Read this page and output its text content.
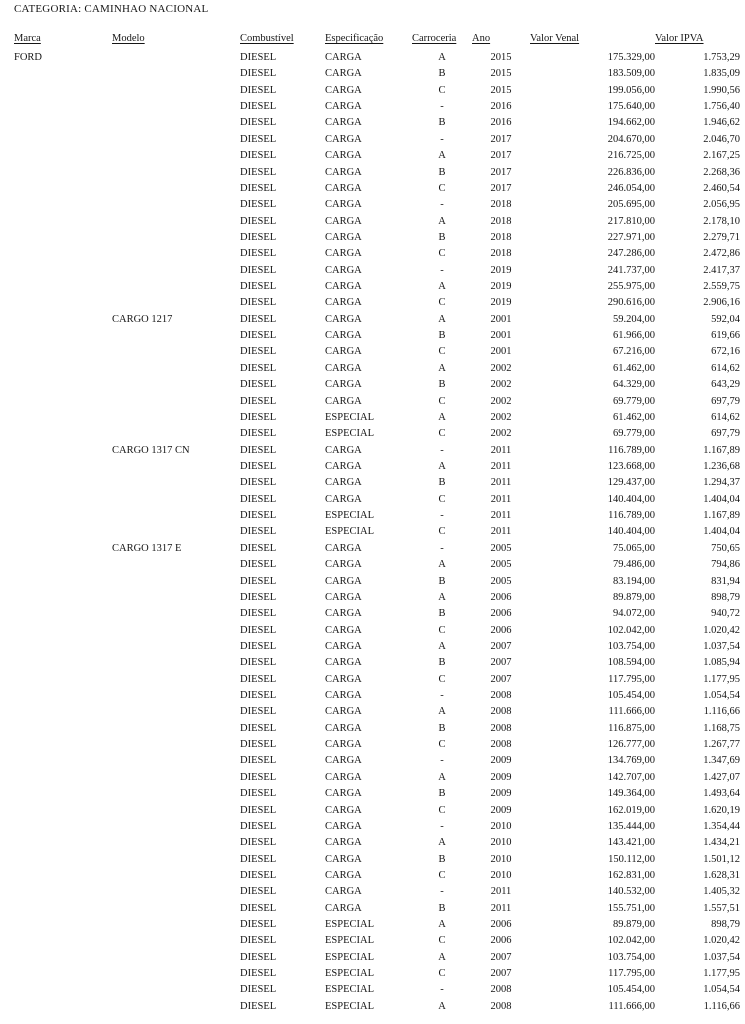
CATEGORIA: CAMINHAO NACIONAL
Marca	Modelo	Combustível	Especificação	Carroceria	Ano	Valor Venal	Valor IPVA
FORD		DIESEL	CARGA	A	2015	175.329,00	1.753,29
		DIESEL	CARGA	B	2015	183.509,00	1.835,09
		DIESEL	CARGA	C	2015	199.056,00	1.990,56
		DIESEL	CARGA	-	2016	175.640,00	1.756,40
		DIESEL	CARGA	B	2016	194.662,00	1.946,62
		DIESEL	CARGA	-	2017	204.670,00	2.046,70
		DIESEL	CARGA	A	2017	216.725,00	2.167,25
		DIESEL	CARGA	B	2017	226.836,00	2.268,36
		DIESEL	CARGA	C	2017	246.054,00	2.460,54
		DIESEL	CARGA	-	2018	205.695,00	2.056,95
		DIESEL	CARGA	A	2018	217.810,00	2.178,10
		DIESEL	CARGA	B	2018	227.971,00	2.279,71
		DIESEL	CARGA	C	2018	247.286,00	2.472,86
		DIESEL	CARGA	-	2019	241.737,00	2.417,37
		DIESEL	CARGA	A	2019	255.975,00	2.559,75
		DIESEL	CARGA	C	2019	290.616,00	2.906,16
	CARGO 1217	DIESEL	CARGA	A	2001	59.204,00	592,04
		DIESEL	CARGA	B	2001	61.966,00	619,66
		DIESEL	CARGA	C	2001	67.216,00	672,16
		DIESEL	CARGA	A	2002	61.462,00	614,62
		DIESEL	CARGA	B	2002	64.329,00	643,29
		DIESEL	CARGA	C	2002	69.779,00	697,79
		DIESEL	ESPECIAL	A	2002	61.462,00	614,62
		DIESEL	ESPECIAL	C	2002	69.779,00	697,79
	CARGO 1317 CN	DIESEL	CARGA	-	2011	116.789,00	1.167,89
		DIESEL	CARGA	A	2011	123.668,00	1.236,68
		DIESEL	CARGA	B	2011	129.437,00	1.294,37
		DIESEL	CARGA	C	2011	140.404,00	1.404,04
		DIESEL	ESPECIAL	-	2011	116.789,00	1.167,89
		DIESEL	ESPECIAL	C	2011	140.404,00	1.404,04
	CARGO 1317 E	DIESEL	CARGA	-	2005	75.065,00	750,65
		DIESEL	CARGA	A	2005	79.486,00	794,86
		DIESEL	CARGA	B	2005	83.194,00	831,94
		DIESEL	CARGA	A	2006	89.879,00	898,79
		DIESEL	CARGA	B	2006	94.072,00	940,72
		DIESEL	CARGA	C	2006	102.042,00	1.020,42
		DIESEL	CARGA	A	2007	103.754,00	1.037,54
		DIESEL	CARGA	B	2007	108.594,00	1.085,94
		DIESEL	CARGA	C	2007	117.795,00	1.177,95
		DIESEL	CARGA	-	2008	105.454,00	1.054,54
		DIESEL	CARGA	A	2008	111.666,00	1.116,66
		DIESEL	CARGA	B	2008	116.875,00	1.168,75
		DIESEL	CARGA	C	2008	126.777,00	1.267,77
		DIESEL	CARGA	-	2009	134.769,00	1.347,69
		DIESEL	CARGA	A	2009	142.707,00	1.427,07
		DIESEL	CARGA	B	2009	149.364,00	1.493,64
		DIESEL	CARGA	C	2009	162.019,00	1.620,19
		DIESEL	CARGA	-	2010	135.444,00	1.354,44
		DIESEL	CARGA	A	2010	143.421,00	1.434,21
		DIESEL	CARGA	B	2010	150.112,00	1.501,12
		DIESEL	CARGA	C	2010	162.831,00	1.628,31
		DIESEL	CARGA	-	2011	140.532,00	1.405,32
		DIESEL	CARGA	B	2011	155.751,00	1.557,51
		DIESEL	ESPECIAL	A	2006	89.879,00	898,79
		DIESEL	ESPECIAL	C	2006	102.042,00	1.020,42
		DIESEL	ESPECIAL	A	2007	103.754,00	1.037,54
		DIESEL	ESPECIAL	C	2007	117.795,00	1.177,95
		DIESEL	ESPECIAL	-	2008	105.454,00	1.054,54
		DIESEL	ESPECIAL	A	2008	111.666,00	1.116,66
